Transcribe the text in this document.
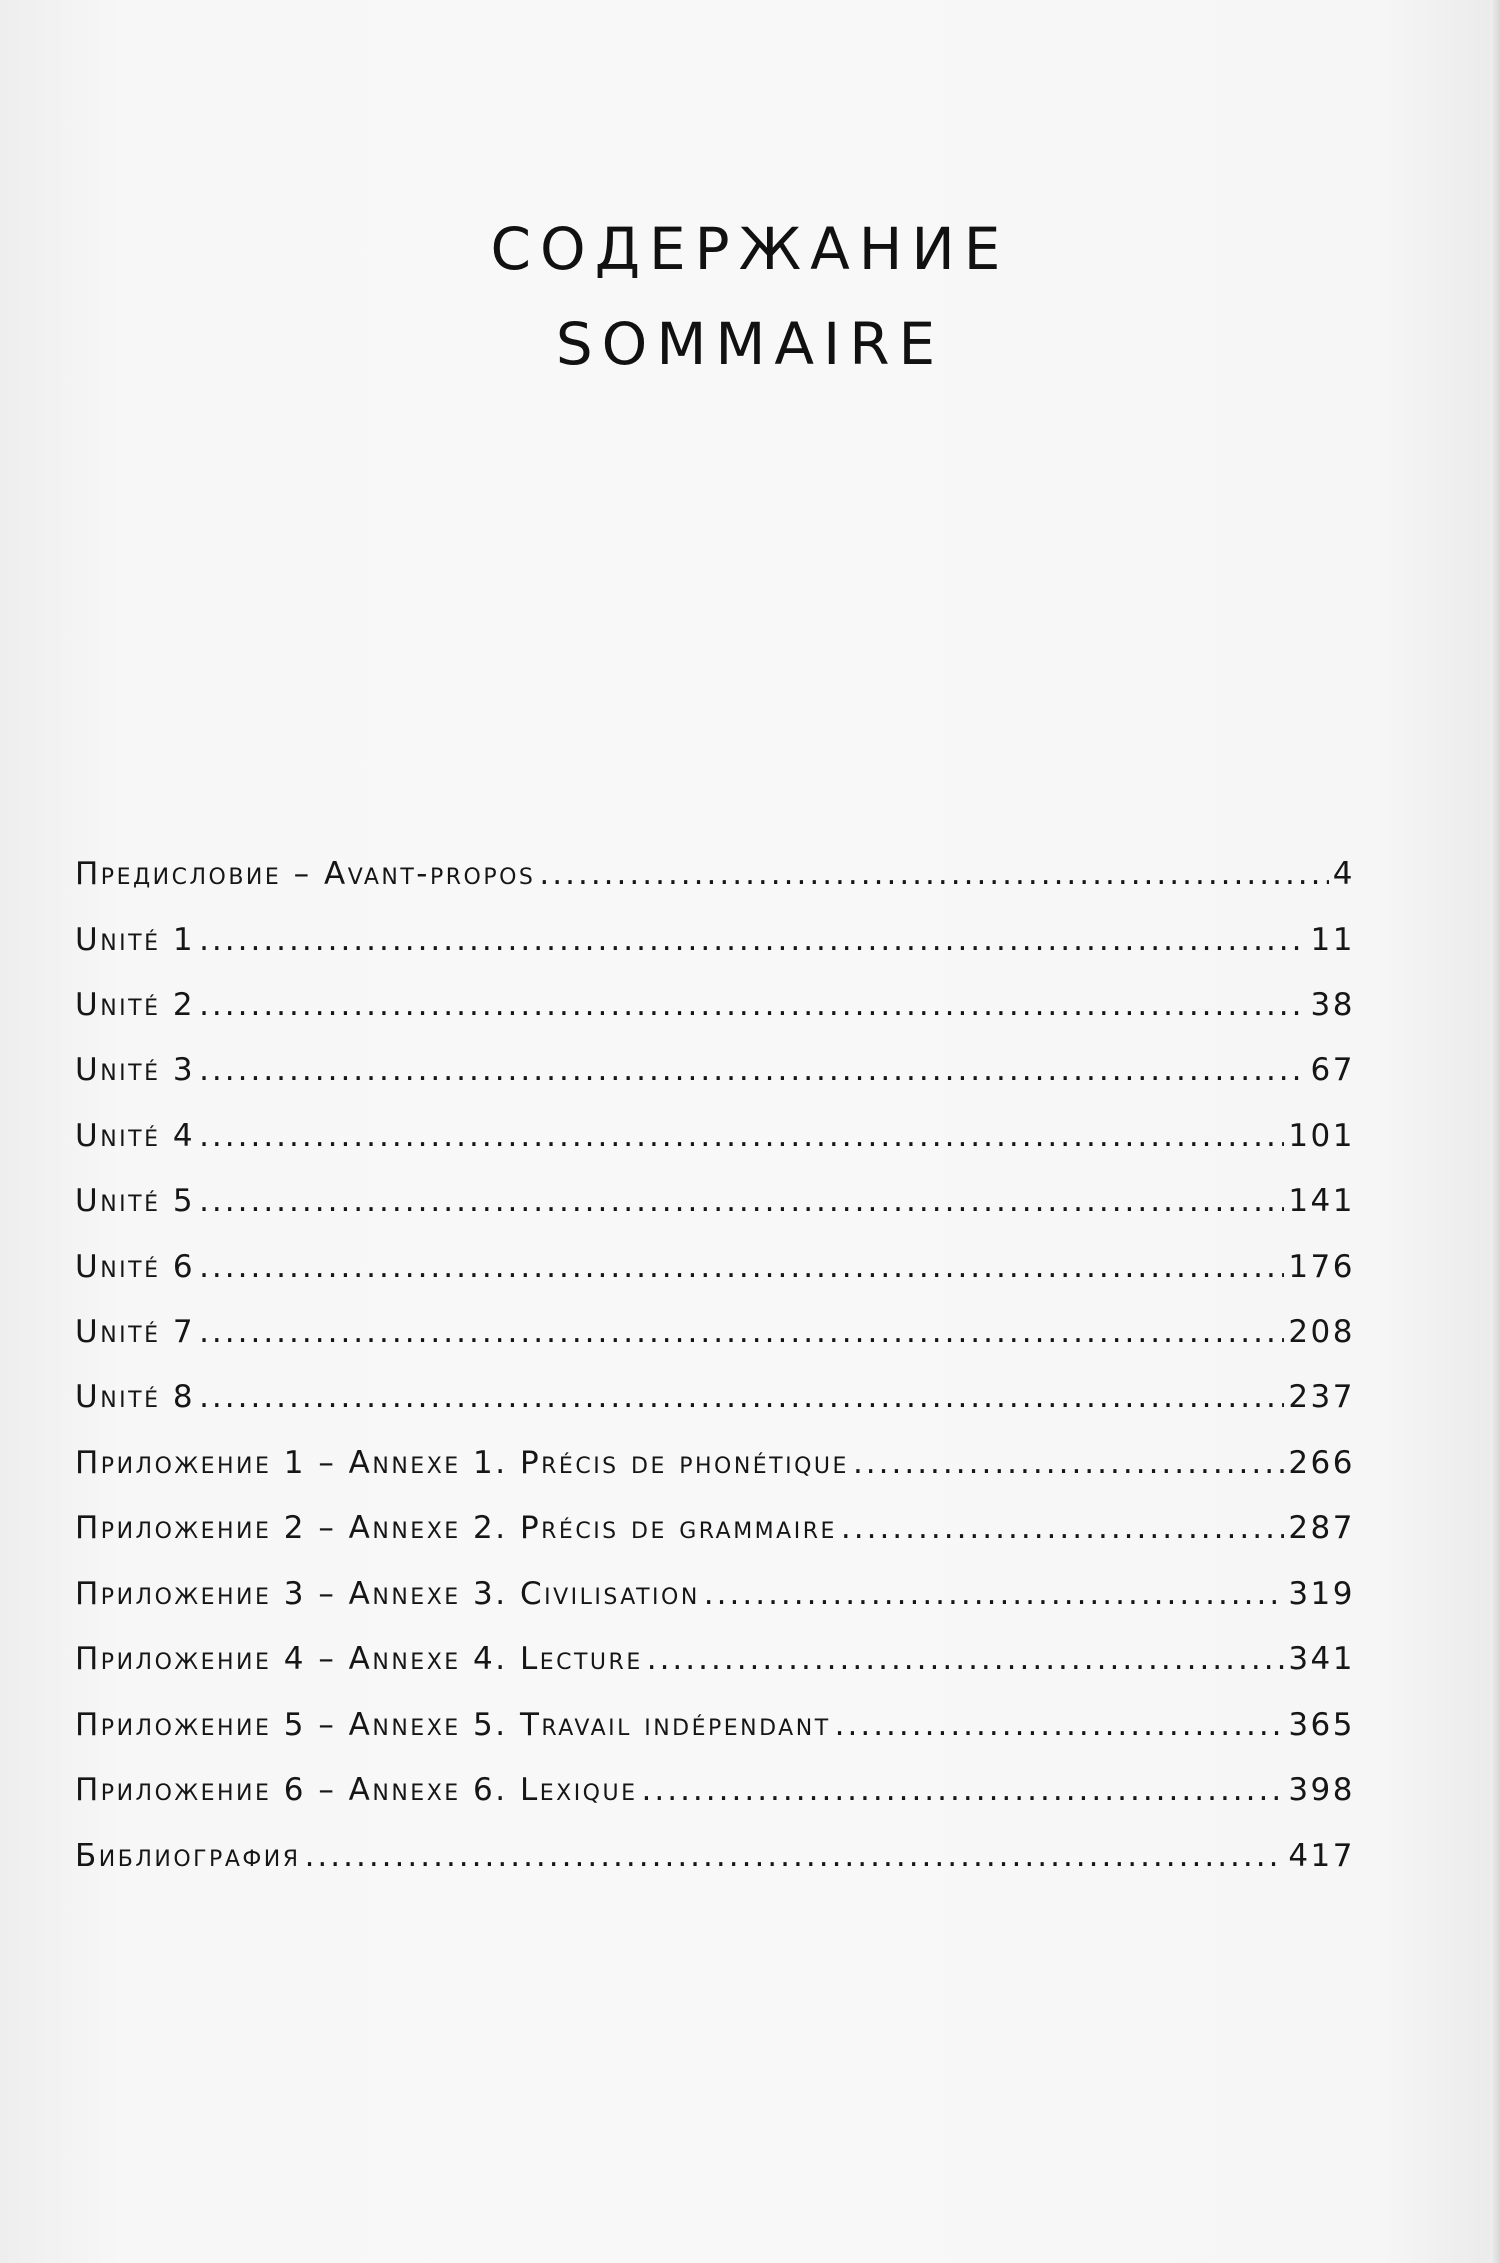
СОДЕРЖАНИЕ
SOMMAIRE
Предисловие – Avant-propos .....	4
Unité 1 .....	11
Unité 2 .....	38
Unité 3 .....	67
Unité 4 .....	101
Unité 5 .....	141
Unité 6 .....	176
Unité 7 .....	208
Unité 8 .....	237
Приложение 1 – Annexe 1. Précis de phonétique .....	266
Приложение 2 – Annexe 2. Précis de grammaire .....	287
Приложение 3 – Annexe 3. Civilisation .....	319
Приложение 4 – Annexe 4. Lecture .....	341
Приложение 5 – Annexe 5. Travail indépendant .....	365
Приложение 6 – Annexe 6. Lexique .....	398
Библиография .....	417
